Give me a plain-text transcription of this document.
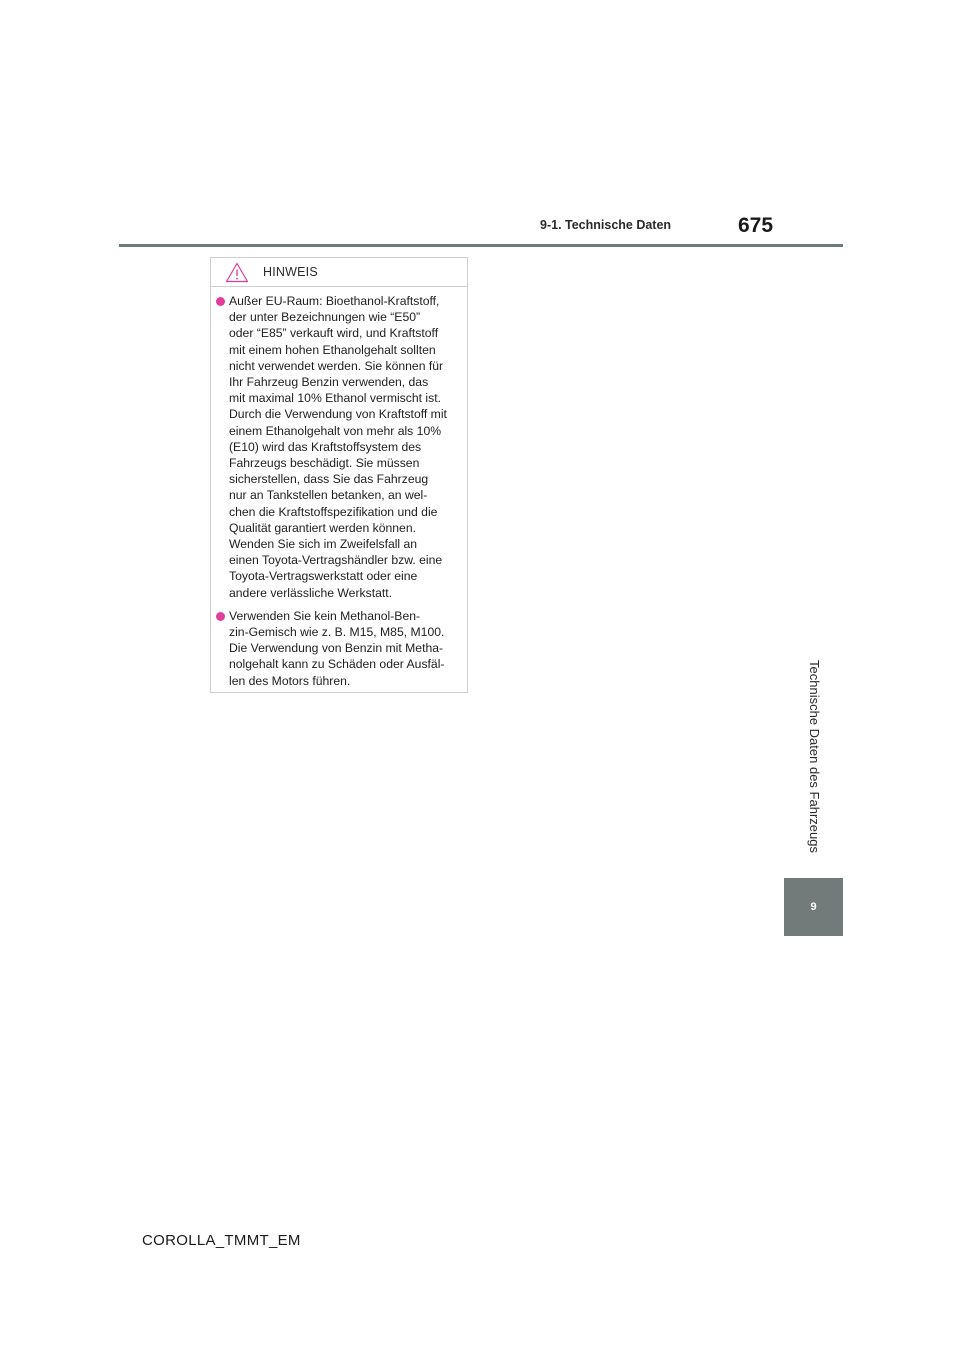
9-1. Technische Daten	675
Technische Daten des Fahrzeugs
9
HINWEIS
Außer EU-Raum: Bioethanol-Kraftstoff,
der unter Bezeichnungen wie “E50”
oder “E85” verkauft wird, und Kraftstoff
mit einem hohen Ethanolgehalt sollten
nicht verwendet werden. Sie können für
Ihr Fahrzeug Benzin verwenden, das
mit maximal 10% Ethanol vermischt ist.
Durch die Verwendung von Kraftstoff mit
einem Ethanolgehalt von mehr als 10%
(E10) wird das Kraftstoffsystem des
Fahrzeugs beschädigt. Sie müssen
sicherstellen, dass Sie das Fahrzeug
nur an Tankstellen betanken, an wel-
chen die Kraftstoffspezifikation und die
Qualität garantiert werden können.
Wenden Sie sich im Zweifelsfall an
einen Toyota-Vertragshändler bzw. eine
Toyota-Vertragswerkstatt oder eine
andere verlässliche Werkstatt.
Verwenden Sie kein Methanol-Ben-
zin-Gemisch wie z. B. M15, M85, M100.
Die Verwendung von Benzin mit Metha-
nolgehalt kann zu Schäden oder Ausfäl-
len des Motors führen.
COROLLA_TMMT_EM
